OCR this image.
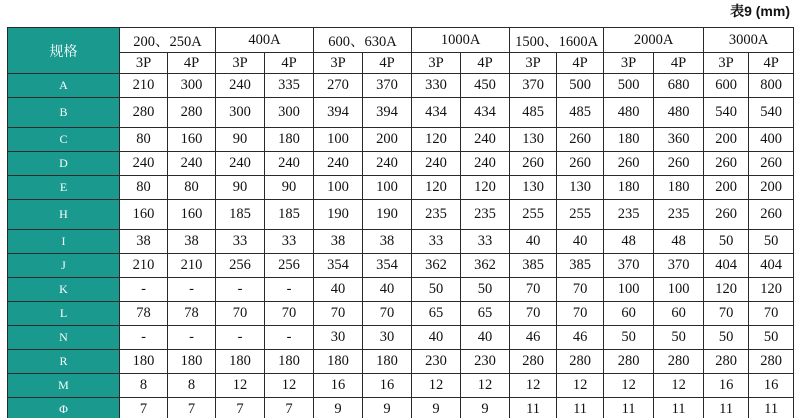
表9 (mm)
规格	200、250A		400A		600、630A		1000A		1500、1600A		2000A		3000A	
	3P	4P	3P	4P	3P	4P	3P	4P	3P	4P	3P	4P	3P	4P
A	210	300	240	335	270	370	330	450	370	500	500	680	600	800
B	280	280	300	300	394	394	434	434	485	485	480	480	540	540
C	80	160	90	180	100	200	120	240	130	260	180	360	200	400
D	240	240	240	240	240	240	240	240	260	260	260	260	260	260
E	80	80	90	90	100	100	120	120	130	130	180	180	200	200
H	160	160	185	185	190	190	235	235	255	255	235	235	260	260
I	38	38	33	33	38	38	33	33	40	40	48	48	50	50
J	210	210	256	256	354	354	362	362	385	385	370	370	404	404
K	-	-	-	-	40	40	50	50	70	70	100	100	120	120
L	78	78	70	70	70	70	65	65	70	70	60	60	70	70
N	-	-	-	-	30	30	40	40	46	46	50	50	50	50
R	180	180	180	180	180	180	230	230	280	280	280	280	280	280
M	8	8	12	12	16	16	12	12	12	12	12	12	16	16
Φ	7	7	7	7	9	9	9	9	11	11	11	11	11	11
